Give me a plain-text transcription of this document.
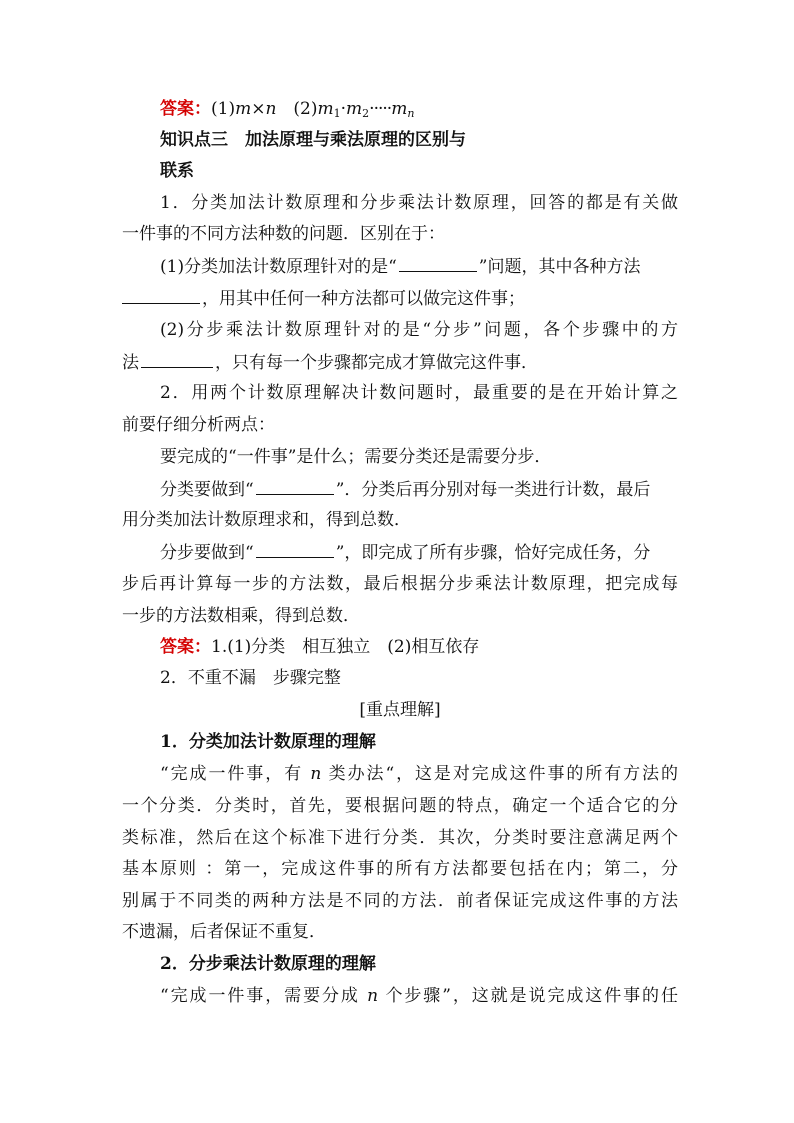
答案：(1)m×n  $(2)m_1\cdot m_2\cdot\cdot\cdot\cdot\cdot m_n$
知识点三　加法原理与乘法原理的区别与
联系
1．分类加法计数原理和分步乘法计数原理，回答的都是有关做
一件事的不同方法种数的问题．区别在于：
(1)分类加法计数原理针对的是“	”问题，其中各种方法
，用其中任何一种方法都可以做完这件事；
(2)分步乘法计数原理针对的是“分步”问题，各个步骤中的方
法	，只有每一个步骤都完成才算做完这件事．
2．用两个计数原理解决计数问题时，最重要的是在开始计算之
前要仔细分析两点：
要完成的“一件事”是什么；需要分类还是需要分步．
分类要做到“	”．分类后再分别对每一类进行计数，最后
用分类加法计数原理求和，得到总数．
分步要做到“	”，即完成了所有步骤，恰好完成任务，分
步后再计算每一步的方法数，最后根据分步乘法计数原理，把完成每
一步的方法数相乘，得到总数．
答案：1.(1)分类　相互独立　(2)相互依存
2．不重不漏　步骤完整
[重点理解]
1．分类加法计数原理的理解
“完成一件事，有 n 类办法“，这是对完成这件事的所有方法的
一个分类．分类时，首先，要根据问题的特点，确定一个适合它的分
类标准，然后在这个标准下进行分类．其次，分类时要注意满足两个
基本原则 ：第一，完成这件事的所有方法都要包括在内；第二，分
别属于不同类的两种方法是不同的方法．前者保证完成这件事的方法
不遗漏，后者保证不重复．
2．分步乘法计数原理的理解
“完成一件事，需要分成 n 个步骤”，这就是说完成这件事的任
